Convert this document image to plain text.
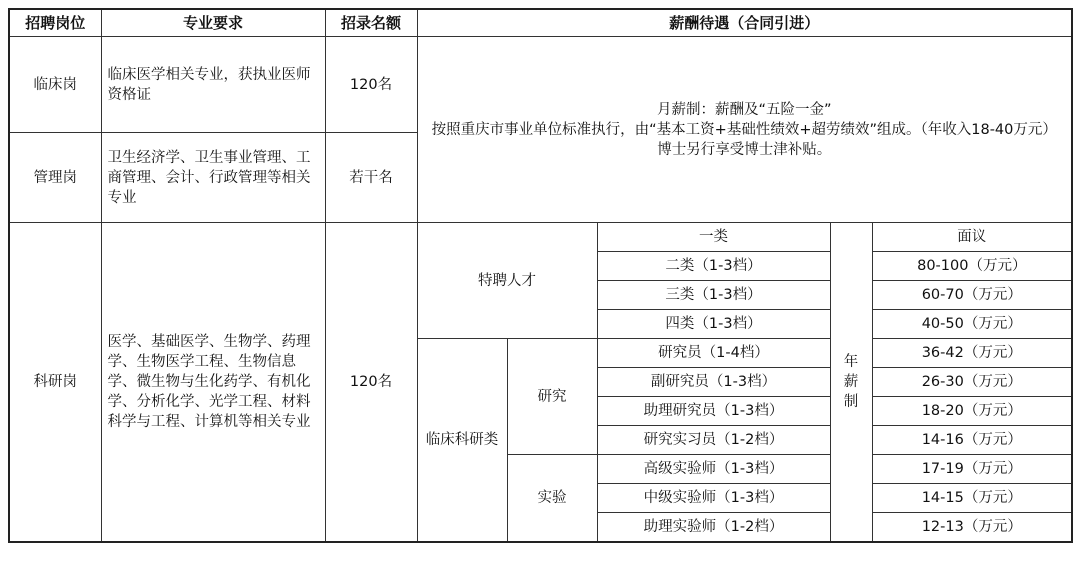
招聘岗位	专业要求	招录名额	薪酬待遇（合同引进）				
临床岗	临床医学相关专业，获执业医师资格证	120名	月薪制：薪酬及“五险一金”
按照重庆市事业单位标准执行，由“基本工资+基础性绩效+超劳绩效”组成。（年收入18-40万元）
博士另行享受博士津补贴。				

管理岗	卫生经济学、卫生事业管理、工商管理、会计、行政管理等相关专业	若干名					
科研岗	医学、基础医学、生物学、药理学、生物医学工程、生物信息学、微生物与生化药学、有机化学、分析化学、光学工程、材料科学与工程、计算机等相关专业	120名	特聘人才		一类	年薪制	面议
					二类（1-3档）		80-100（万元）
					三类（1-3档）		60-70（万元）
					四类（1-3档）		40-50（万元）
			临床科研类	研究	研究员（1-4档）		36-42（万元）
					副研究员（1-3档）		26-30（万元）
					助理研究员（1-3档）		18-20（万元）
					研究实习员（1-2档）		14-16（万元）
				实验	高级实验师（1-3档）		17-19（万元）
					中级实验师（1-3档）		14-15（万元）
					助理实验师（1-2档）		12-13（万元）
